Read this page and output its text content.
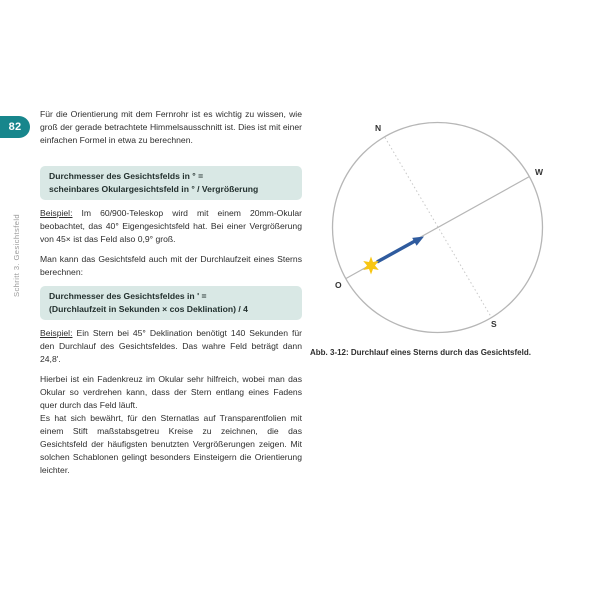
82
Schritt 3. Gesichtsfeld

Für die Orientierung mit dem Fernrohr ist es wichtig zu wissen, wie groß der gerade betrachtete Himmelsausschnitt ist. Dies ist mit einer einfachen Formel in etwa zu berechnen.

Durchmesser des Gesichtsfelds in ° =
scheinbares Okulargesichtsfeld in ° / Vergrößerung

Beispiel: Im 60/900-Teleskop wird mit einem 20mm-Okular beobachtet, das 40° Eigengesichtsfeld hat. Bei einer Vergrößerung von 45× ist das Feld also 0,9° groß.

Man kann das Gesichtsfeld auch mit der Durchlaufzeit eines Sterns berechnen:

Durchmesser des Gesichtsfeldes in ' =
(Durchlaufzeit in Sekunden × cos Deklination) / 4

Beispiel: Ein Stern bei 45° Deklination benötigt 140 Sekunden für den Durchlauf des Gesichtsfeldes. Das wahre Feld beträgt dann 24,8'.

Hierbei ist ein Fadenkreuz im Okular sehr hilfreich, wobei man das Okular so verdrehen kann, dass der Stern entlang eines Fadens quer durch das Feld läuft.

Es hat sich bewährt, für den Sternatlas auf Transparentfolien mit einem Stift maßstabsgetreu Kreise zu zeichnen, die das Gesichtsfeld der häufigsten benutzten Vergrößerungen zeigen. Mit solchen Schablonen gelingt besonders Einsteigern die Orientierung leichter.

N
W
S
O
Abb. 3-12: Durchlauf eines Sterns durch das Gesichtsfeld.
